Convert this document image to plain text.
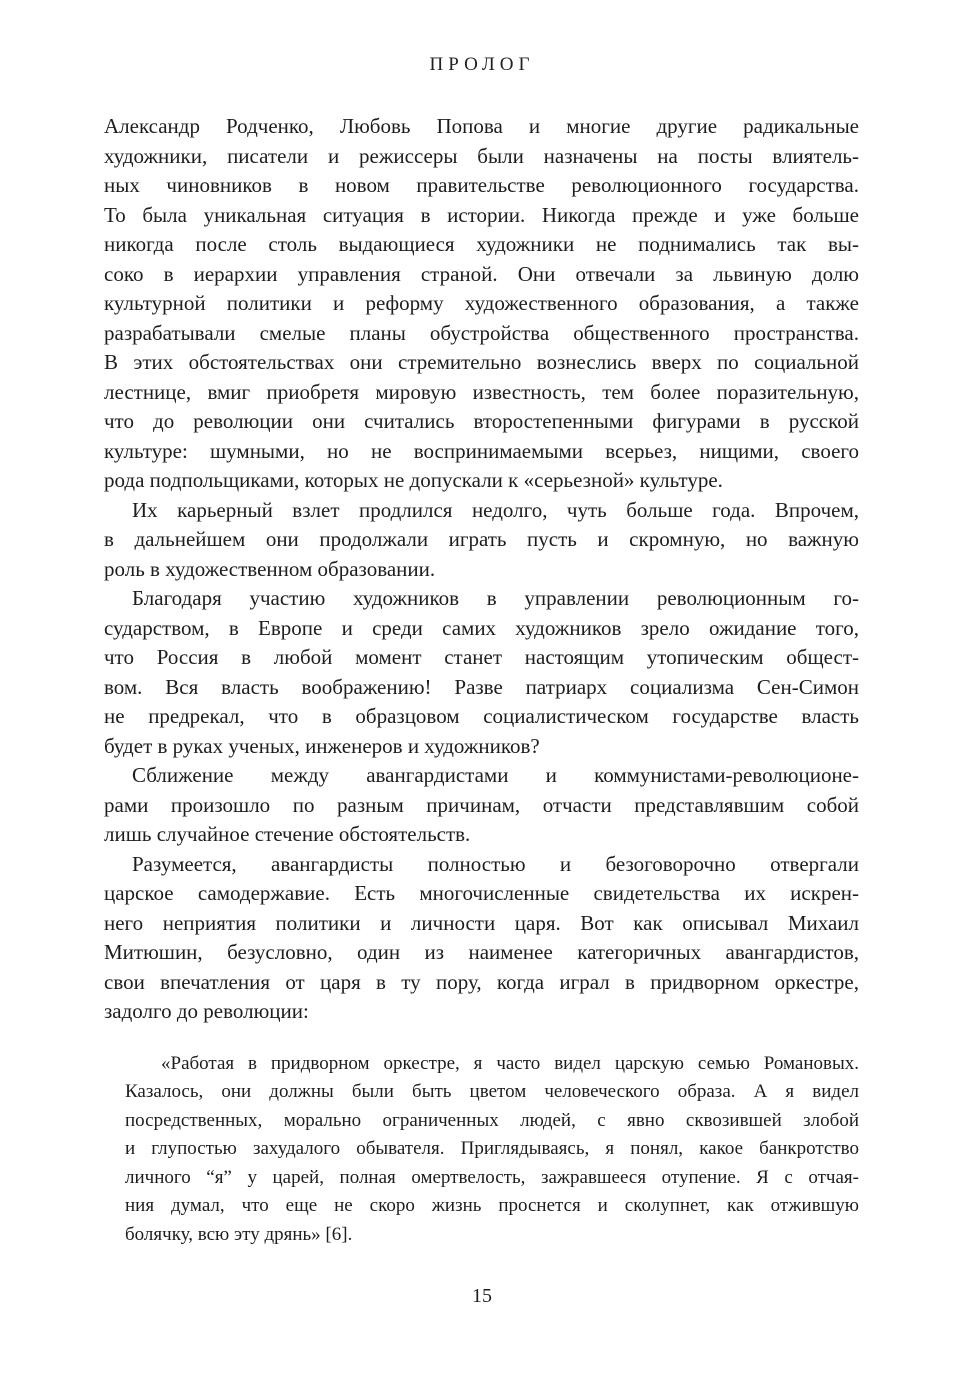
ПРОЛОГ

Александр Родченко, Любовь Попова и многие другие радикальные
художники, писатели и режиссеры были назначены на посты влиятель-
ных чиновников в новом правительстве революционного государства.
То была уникальная ситуация в истории. Никогда прежде и уже больше
никогда после столь выдающиеся художники не поднимались так вы-
соко в иерархии управления страной. Они отвечали за львиную долю
культурной политики и реформу художественного образования, а также
разрабатывали смелые планы обустройства общественного пространства.
В этих обстоятельствах они стремительно вознеслись вверх по социальной
лестнице, вмиг приобретя мировую известность, тем более поразительную,
что до революции они считались второстепенными фигурами в русской
культуре: шумными, но не воспринимаемыми всерьез, нищими, своего
рода подпольщиками, которых не допускали к «серьезной» культуре.

Их карьерный взлет продлился недолго, чуть больше года. Впрочем,
в дальнейшем они продолжали играть пусть и скромную, но важную
роль в художественном образовании.

Благодаря участию художников в управлении революционным го-
сударством, в Европе и среди самих художников зрело ожидание того,
что Россия в любой момент станет настоящим утопическим общест-
вом. Вся власть воображению! Разве патриарх социализма Сен-Симон
не предрекал, что в образцовом социалистическом государстве власть
будет в руках ученых, инженеров и художников?

Сближение между авангардистами и коммунистами-революционе-
рами произошло по разным причинам, отчасти представлявшим собой
лишь случайное стечение обстоятельств.

Разумеется, авангардисты полностью и безоговорочно отвергали
царское самодержавие. Есть многочисленные свидетельства их искрен-
него неприятия политики и личности царя. Вот как описывал Михаил
Митюшин, безусловно, один из наименее категоричных авангардистов,
свои впечатления от царя в ту пору, когда играл в придворном оркестре,
задолго до революции:

«Работая в придворном оркестре, я часто видел царскую семью Романовых.
Казалось, они должны были быть цветом человеческого образа. А я видел
посредственных, морально ограниченных людей, с явно сквозившей злобой
и глупостью захудалого обывателя. Приглядываясь, я понял, какое банкротство
личного “я” у царей, полная омертвелость, зажравшееся отупение. Я с отчая-
ния думал, что еще не скоро жизнь проснется и сколупнет, как отжившую
болячку, всю эту дрянь» [6].

15
